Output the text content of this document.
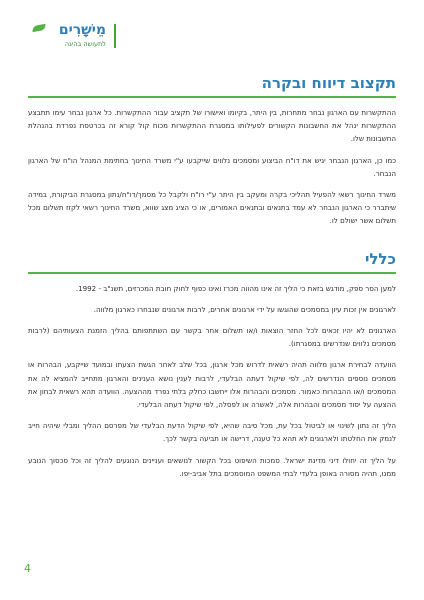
מֵישָׁרִים
לתעושה בהיגה
תקצוב דיווח ובקרה

ההתקשרות עם הארגון נבחר מתחרות, בין היתר, בקיומו ואישורו של תקציב עבור ההתקשרות. כל ארגון נבחר עימו תתבצע ההתקשרות ינהל את החשבונות הקשורים לפעילותו במסגרת ההתקשרות מכוח קול קורא זה בכרטסת נפרדת בהנהלת החשבונות שלו.

כמו כן, הארגון הנבחר יגיש את דו"ח הביצוע ומסמכים נלווים שייקבעו ע"י משרד החינוך בחתימת המנהל הו"ח של הארגון הנבחר.

משרד החינוך רשאי להפעיל תהליכי בקרה ומעקב בין היתר ע"י רו"ח ולקבל כל מסמך/דו"ח/נתון במסגרת הביקורת, במידה שיתברר כי הארגון הנבחר לא עמד בתנאים ובתנאים האמורים, או כי הציג מצג שווא, משרד החינוך רשאי לקזז תשלום מכל תשלום אשר ישולם לו.

כללי

למען הסר ספק, מודגש בזאת כי הליך זה אינו מהווה מכרז ואינו כפוף לחוק חובת המכרזים, תשנ"ב - 1992.

לארגונים אין זכות עיון במסמכים שהוגשו על ידי ארגונים אחרים, לרבות ארגונים שנבחרו כארגון מלווה.

הארגונים לא יהיו זכאים לכל החזר הוצאות ו/או תשלום אחר בקשר עם השתתפותם בהליך הזמנת הצעותיהם (לרבות מסמכים נלווים שנדרשים במסגרתו).

הוועדה לבחירת ארגון מלווה תהיה רשאית לדרוש מכל ארגון, בכל שלב לאחר הגשת הצעתו ובמועד שייקבע, הבהרות או מסמכים נוספים הנדרשים לה, לפי שיקול דעתה הבלעדי, לרבות לענין נושא הענינים והארגון מתחייב להמציא לה את המסמכים ו/או ההבהרות כאמור. מסמכים והבהרות אלו ייחשבו כחלק בלתי נפרד מההצעה. הוועדה תהא רשאית לבחון את ההצעה על יסוד מסמכים והבהרות אלה, לאשרה או לפסלה, לפי שיקול דעתה הבלעדי.

הליך זה נתון לשינוי או לביטול בכל עת, מכל סיבה שהיא, לפי שיקול הדעת הבלעדי של מפרסם ההליך ומבלי שיהיה חייב לנמק את החלטתו ולארגונים לא תהא כל טענה, דרישה או תביעה בקשר לכך.

על הליך זה יחולו דיני מדינת ישראל. סמכות השיפוט בכל הקשור לנושאים ועניינים הנוגעים להליך זה וכל סכסוך הנובע ממנו, תהיה מסורה באופן בלעדי לבתי המשפט המוסמכים בתל אביב-יפו.

4
